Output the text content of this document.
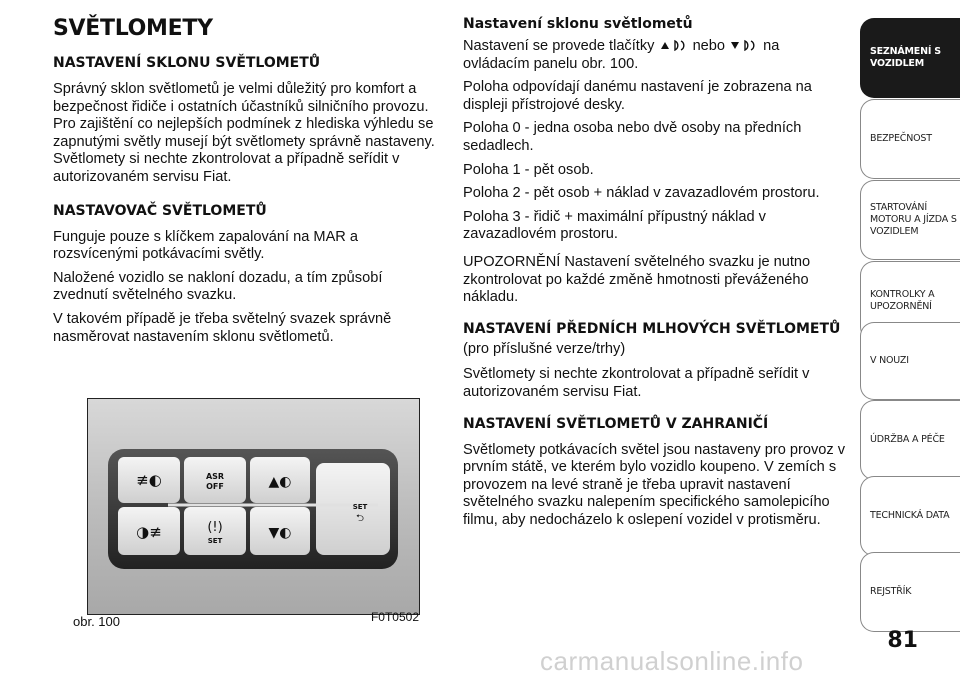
SVĚTLOMETY
NASTAVENÍ SKLONU SVĚTLOMETŮ

Správný sklon světlometů je velmi důležitý pro komfort a bezpečnost řidiče i ostatních účastníků silničního provozu. Pro zajištění co nejlepších podmínek z hlediska výhledu se zapnutými světly musejí být světlomety správně nastaveny. Světlomety si nechte zkontrolovat a případně seřídit v autorizovaném servisu Fiat.

NASTAVOVAČ SVĚTLOMETŮ

Funguje pouze s klíčkem zapalování na MAR a rozsvícenými potkávacími světly.

Naložené vozidlo se nakloní dozadu, a tím způsobí zvednutí světelného svazku.

V takovém případě je třeba světelný svazek správně nasměrovat nastavením sklonu světlometů.

≢◐
◑≢
ASR
OFF
(!)
SET
▲◐
▼◐
SET
⮌
obr. 100	F0T0502
Nastavení sklonu světlometů

Nastavení se provede tlačítky	nebo	na ovládacím panelu obr. 100.

Poloha odpovídají danému nastavení je zobrazena na displeji přístrojové desky.

Poloha 0 - jedna osoba nebo dvě osoby na předních sedadlech.

Poloha 1 - pět osob.

Poloha 2 - pět osob + náklad v zavazadlovém prostoru.

Poloha 3 - řidič + maximální přípustný náklad v zavazadlovém prostoru.

UPOZORNĚNÍ Nastavení světelného svazku je nutno zkontrolovat po každé změně hmotnosti převáženého nákladu.

NASTAVENÍ PŘEDNÍCH MLHOVÝCH SVĚTLOMETŮ

(pro příslušné verze/trhy)

Světlomety si nechte zkontrolovat a případně seřídit v autorizovaném servisu Fiat.

NASTAVENÍ SVĚTLOMETŮ V ZAHRANIČÍ

Světlomety potkávacích světel jsou nastaveny pro provoz v prvním státě, ve kterém bylo vozidlo koupeno. V zemích s provozem na levé straně je třeba upravit nastavení světelného svazku nalepením specifického samolepicího filmu, aby nedocházelo k oslepení vozidel v protisměru.

SEZNÁMENÍ S VOZIDLEM
BEZPEČNOST
STARTOVÁNÍ MOTORU A JÍZDA S VOZIDLEM
KONTROLKY A UPOZORNĚNÍ
V NOUZI
ÚDRŽBA A PÉČE
TECHNICKÁ DATA
REJSTŘÍK
81
carmanualsonline.info
